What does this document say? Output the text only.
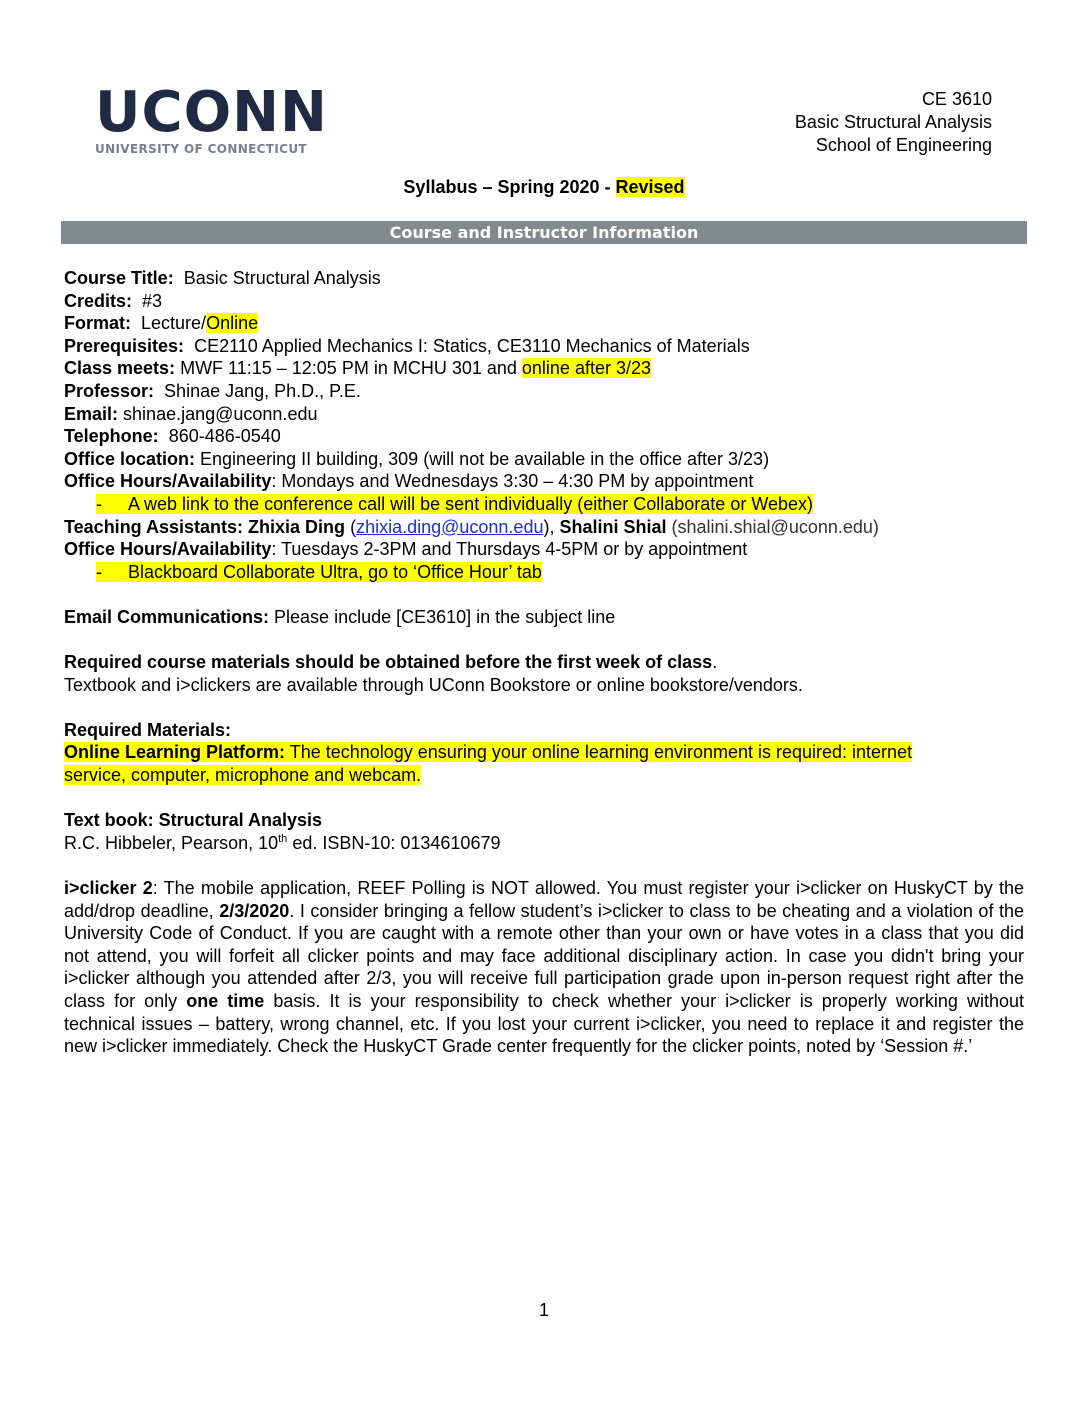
UCONN
UNIVERSITY OF CONNECTICUT
CE 3610
Basic Structural Analysis
School of Engineering
Syllabus – Spring 2020 - Revised
Course and Instructor Information
Course Title: Basic Structural Analysis
Credits: #3
Format: Lecture/Online
Prerequisites: CE2110 Applied Mechanics I: Statics, CE3110 Mechanics of Materials
Class meets: MWF 11:15 – 12:05 PM in MCHU 301 and online after 3/23
Professor: Shinae Jang, Ph.D., P.E.
Email: shinae.jang@uconn.edu
Telephone: 860-486-0540
Office location: Engineering II building, 309 (will not be available in the office after 3/23)
Office Hours/Availability: Mondays and Wednesdays 3:30 – 4:30 PM by appointment
- A web link to the conference call will be sent individually (either Collaborate or Webex)
Teaching Assistants: Zhixia Ding (zhixia.ding@uconn.edu), Shalini Shial (shalini.shial@uconn.edu)
Office Hours/Availability: Tuesdays 2-3PM and Thursdays 4-5PM or by appointment
- Blackboard Collaborate Ultra, go to ‘Office Hour’ tab
Email Communications: Please include [CE3610] in the subject line
Required course materials should be obtained before the first week of class.
Textbook and i>clickers are available through UConn Bookstore or online bookstore/vendors.
Required Materials:
Online Learning Platform: The technology ensuring your online learning environment is required: internet
service, computer, microphone and webcam.
Text book: Structural Analysis
R.C. Hibbeler, Pearson, 10th ed. ISBN-10: 0134610679
i>clicker 2: The mobile application, REEF Polling is NOT allowed. You must register your i>clicker on HuskyCT by the add/drop deadline, 2/3/2020. I consider bringing a fellow student’s i>clicker to class to be cheating and a violation of the University Code of Conduct. If you are caught with a remote other than your own or have votes in a class that you did not attend, you will forfeit all clicker points and may face additional disciplinary action. In case you didn't bring your i>clicker although you attended after 2/3, you will receive full participation grade upon in-person request right after the class for only one time basis. It is your responsibility to check whether your i>clicker is properly working without technical issues – battery, wrong channel, etc. If you lost your current i>clicker, you need to replace it and register the new i>clicker immediately. Check the HuskyCT Grade center frequently for the clicker points, noted by ‘Session #.’
1
